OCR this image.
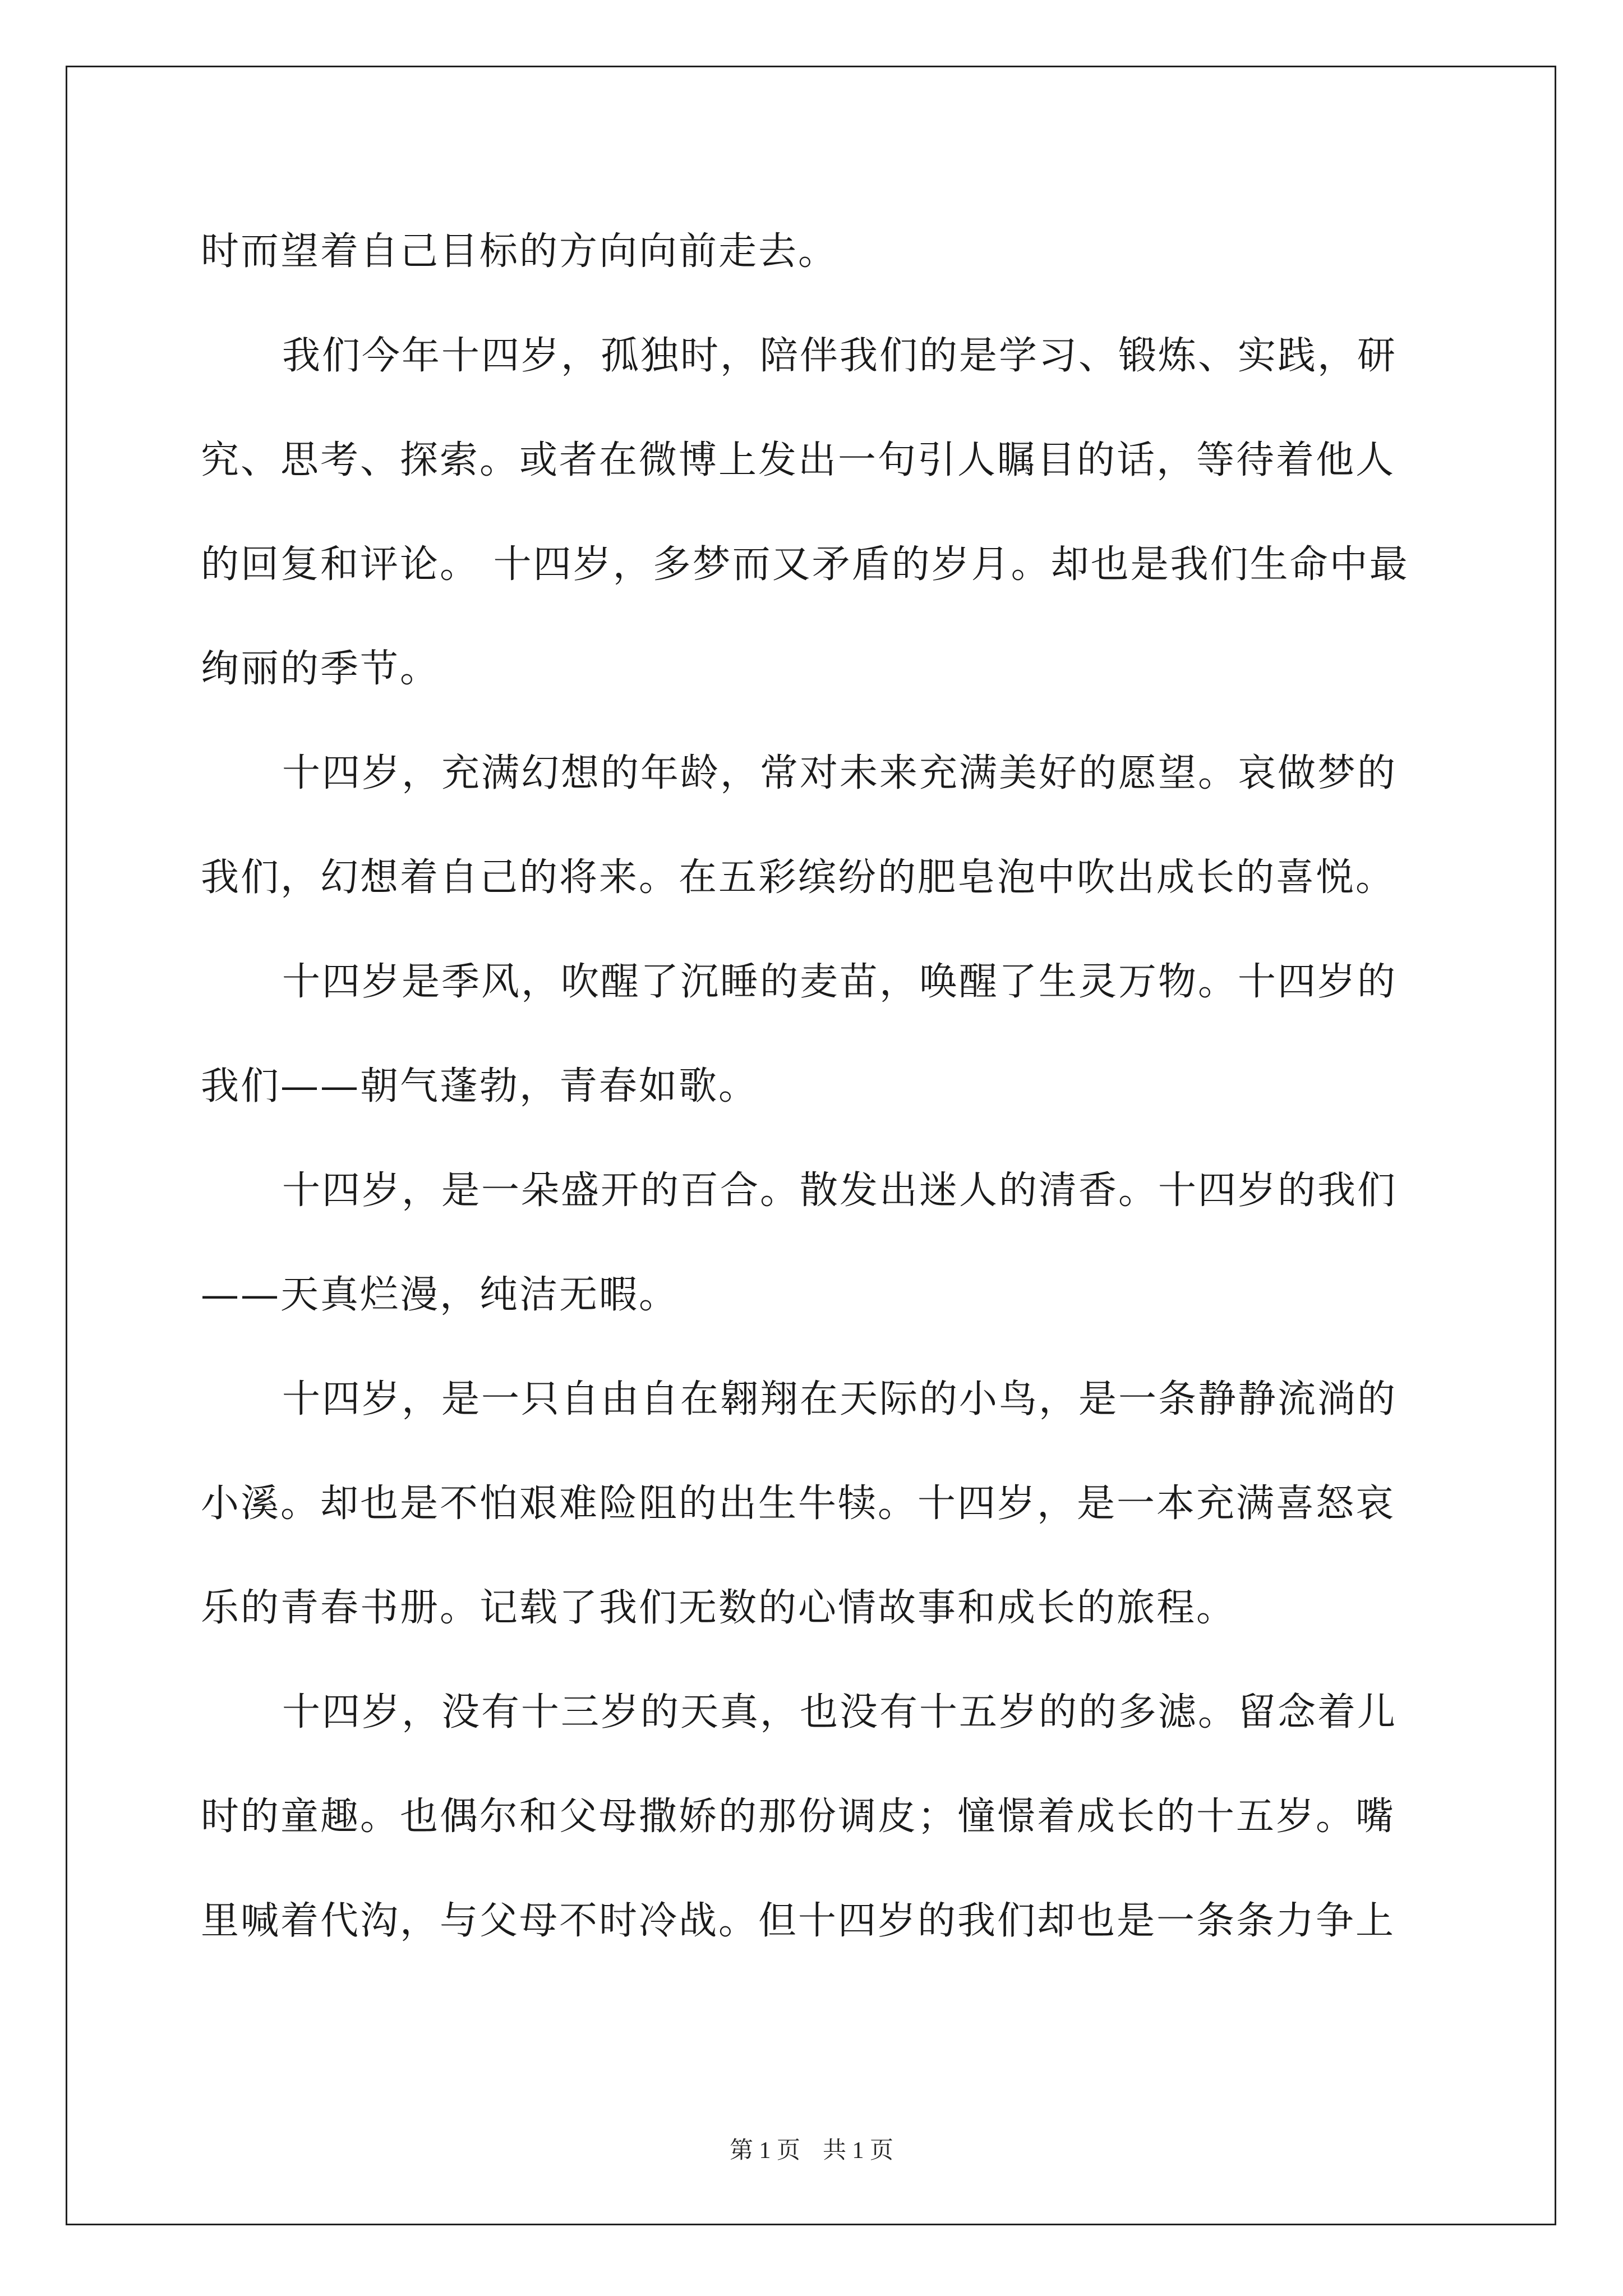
时而望着自己目标的方向向前走去。
我们今年十四岁，孤独时，陪伴我们的是学习、锻炼、实践，研
究、思考、探索。或者在微博上发出一句引人瞩目的话，等待着他人
的回复和评论。 十四岁，多梦而又矛盾的岁月。却也是我们生命中最
绚丽的季节。
十四岁，充满幻想的年龄，常对未来充满美好的愿望。哀做梦的
我们，幻想着自己的将来。在五彩缤纷的肥皂泡中吹出成长的喜悦。
十四岁是季风，吹醒了沉睡的麦苗，唤醒了生灵万物。十四岁的
我们——朝气蓬勃，青春如歌。
十四岁，是一朵盛开的百合。散发出迷人的清香。十四岁的我们
——天真烂漫，纯洁无暇。
十四岁，是一只自由自在翱翔在天际的小鸟，是一条静静流淌的
小溪。却也是不怕艰难险阻的出生牛犊。十四岁，是一本充满喜怒哀
乐的青春书册。记载了我们无数的心情故事和成长的旅程。
十四岁，没有十三岁的天真，也没有十五岁的的多滤。留念着儿
时的童趣。也偶尔和父母撒娇的那份调皮；憧憬着成长的十五岁。嘴
里喊着代沟，与父母不时冷战。但十四岁的我们却也是一条条力争上
第 1 页 共 1 页
